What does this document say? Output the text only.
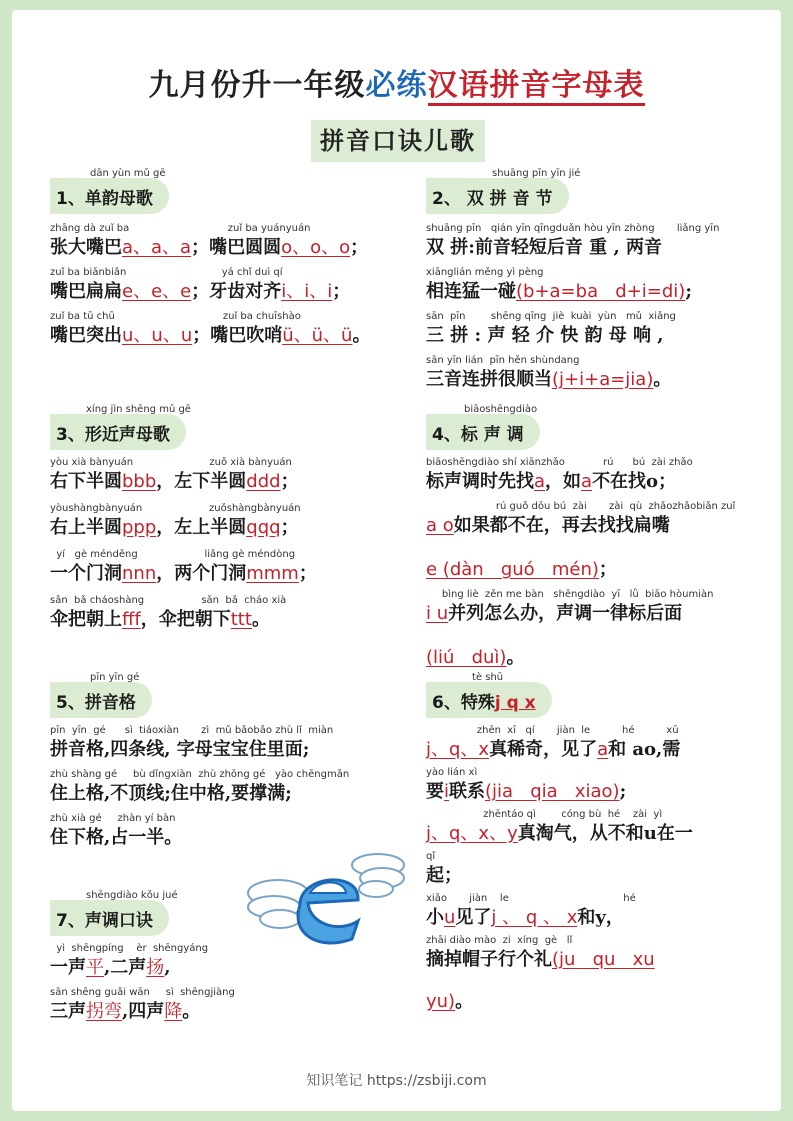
九月份升一年级必练汉语拼音字母表
拼音口诀儿歌
dān yùn mǔ gē
1、单韵母歌
zhāng dà zuǐ ba                               zuǐ ba yuányuán
张大嘴巴a、a、a；嘴巴圆圆o、o、o；
zuǐ ba biǎnbiǎn                              yá chǐ duì qí
嘴巴扁扁e、e、e；牙齿对齐i、i、i；
zuǐ ba tū chū                                  zuǐ ba chuīshào
嘴巴突出u、u、u；嘴巴吹哨ü、ü、ü。
shuāng pīn yīn jié
2、 双 拼 音 节
shuāng pīn   qián yīn qīngduǎn hòu yīn zhòng       liǎng yīn
双 拼:前音轻短后音 重 , 两音
xiānglián měng yì pèng
相连猛一碰(b+a=ba   d+i=di);
sān  pīn        shēng qīng  jiè  kuài  yùn   mǔ  xiǎng
三 拼 : 声 轻 介 快 韵 母 响 ,
sān yīn lián  pīn hěn shùndang
三音连拼很顺当(j+i+a=jia)。
xíng jìn shēng mǔ gē
3、形近声母歌
yòu xià bànyuán                        zuǒ xià bànyuán
右下半圆bbb，左下半圆ddd；
yòushàngbànyuán                     zuǒshàngbànyuán
右上半圆ppp，左上半圆qqq；
yí   gè ménděng                     liǎng gè méndòng
一个门洞nnn，两个门洞mmm；
sǎn  bǎ cháoshàng                  sǎn  bǎ  cháo xià
伞把朝上fff，伞把朝下ttt。
biāoshēngdiào
4、标 声 调
biāoshēngdiào shí xiānzhǎo            rú      bú  zài zhǎo
标声调时先找a，如a不在找o；
rú guǒ dōu bú  zài       zài  qù  zhǎozhǎobiǎn zuǐ
a o如果都不在，再去找找扁嘴

e (dàn   guó   mén)；
bìng liè  zěn me bàn   shēngdiào  yī   lǜ  biāo hòumiàn
i u并列怎么办，声调一律标后面

(liú   duì)。
pīn yīn gé
5、拼音格
pīn  yīn  gé      sì  tiáoxiàn       zì  mǔ bǎobǎo zhù lǐ  miàn
拼音格,四条线, 字母宝宝住里面;
zhù shàng gé     bù dǐngxiàn  zhù zhōng gé   yào chēngmǎn
住上格,不顶线;住中格,要撑满;
zhù xià gé     zhàn yí bàn
住下格,占一半。
tè shū
6、特殊j q x
zhēn  xī   qí       jiàn  le          hé          xū
j、q、x真稀奇，见了a和 ao,需
yào lián xì
要i联系(jia   qia   xiao);
zhēntáo qì        cóng bù  hé    zài  yì
j、q、x、y真淘气，从不和u在一
qǐ
起；
xiǎo       jiàn    le                                    hé
小u见了j 、 q 、 x和y，
zhāi diào mào  zi  xíng  gè   lǐ
摘掉帽子行个礼(ju   qu   xu

yu)。
shēngdiào kǒu jué
7、声调口诀
yì  shēngpíng    èr  shēngyáng
一声平,二声扬,
sān shēng guǎi wān     sì  shēngjiàng
三声拐弯,四声降。
知识笔记 https://zsbiji.com
